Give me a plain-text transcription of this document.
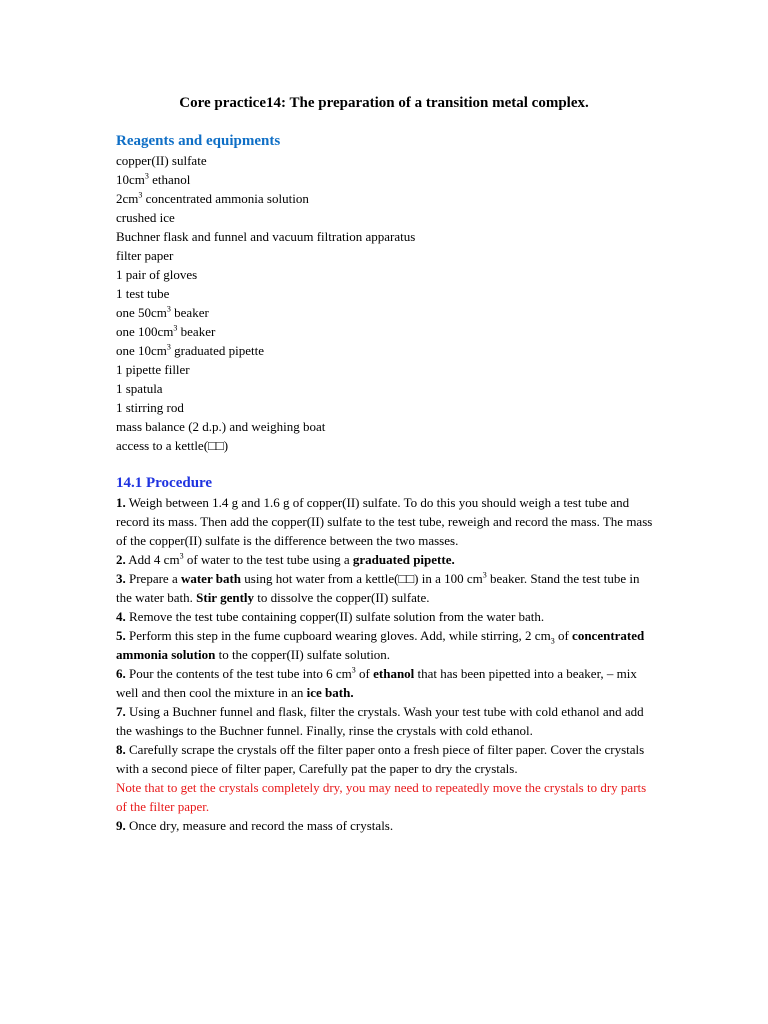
Core practice14: The preparation of a transition metal complex.
Reagents and equipments
copper(II) sulfate
$10cm^3$ ethanol
$2cm^3$ concentrated ammonia solution
crushed ice
Buchner flask and funnel and vacuum filtration apparatus
filter paper
1 pair of gloves
1 test tube
one $50cm^3$ beaker
one $100cm^3$ beaker
one $10cm^3$ graduated pipette
1 pipette filler
1 spatula
1 stirring rod
mass balance (2 d.p.) and weighing boat
access to a kettle(□□)
14.1 Procedure
1. Weigh between 1.4 g and 1.6 g of copper(II) sulfate. To do this you should weigh a test tube and record its mass. Then add the copper(II) sulfate to the test tube, reweigh and record the mass. The mass of the copper(II) sulfate is the difference between the two masses.
2. Add 4 $cm^3$ of water to the test tube using a graduated pipette.
3. Prepare a water bath using hot water from a kettle(□□) in a 100 $cm^3$ beaker. Stand the test tube in the water bath. Stir gently to dissolve the copper(II) sulfate.
4. Remove the test tube containing copper(II) sulfate solution from the water bath.
5. Perform this step in the fume cupboard wearing gloves. Add, while stirring, 2 $cm_3$ of concentrated ammonia solution to the copper(II) sulfate solution.
6. Pour the contents of the test tube into 6 $cm^3$ of ethanol that has been pipetted into a beaker, – mix well and then cool the mixture in an ice bath.
7. Using a Buchner funnel and flask, filter the crystals. Wash your test tube with cold ethanol and add the washings to the Buchner funnel. Finally, rinse the crystals with cold ethanol.
8. Carefully scrape the crystals off the filter paper onto a fresh piece of filter paper. Cover the crystals with a second piece of filter paper, Carefully pat the paper to dry the crystals.
Note that to get the crystals completely dry, you may need to repeatedly move the crystals to dry parts of the filter paper.
9. Once dry, measure and record the mass of crystals.
